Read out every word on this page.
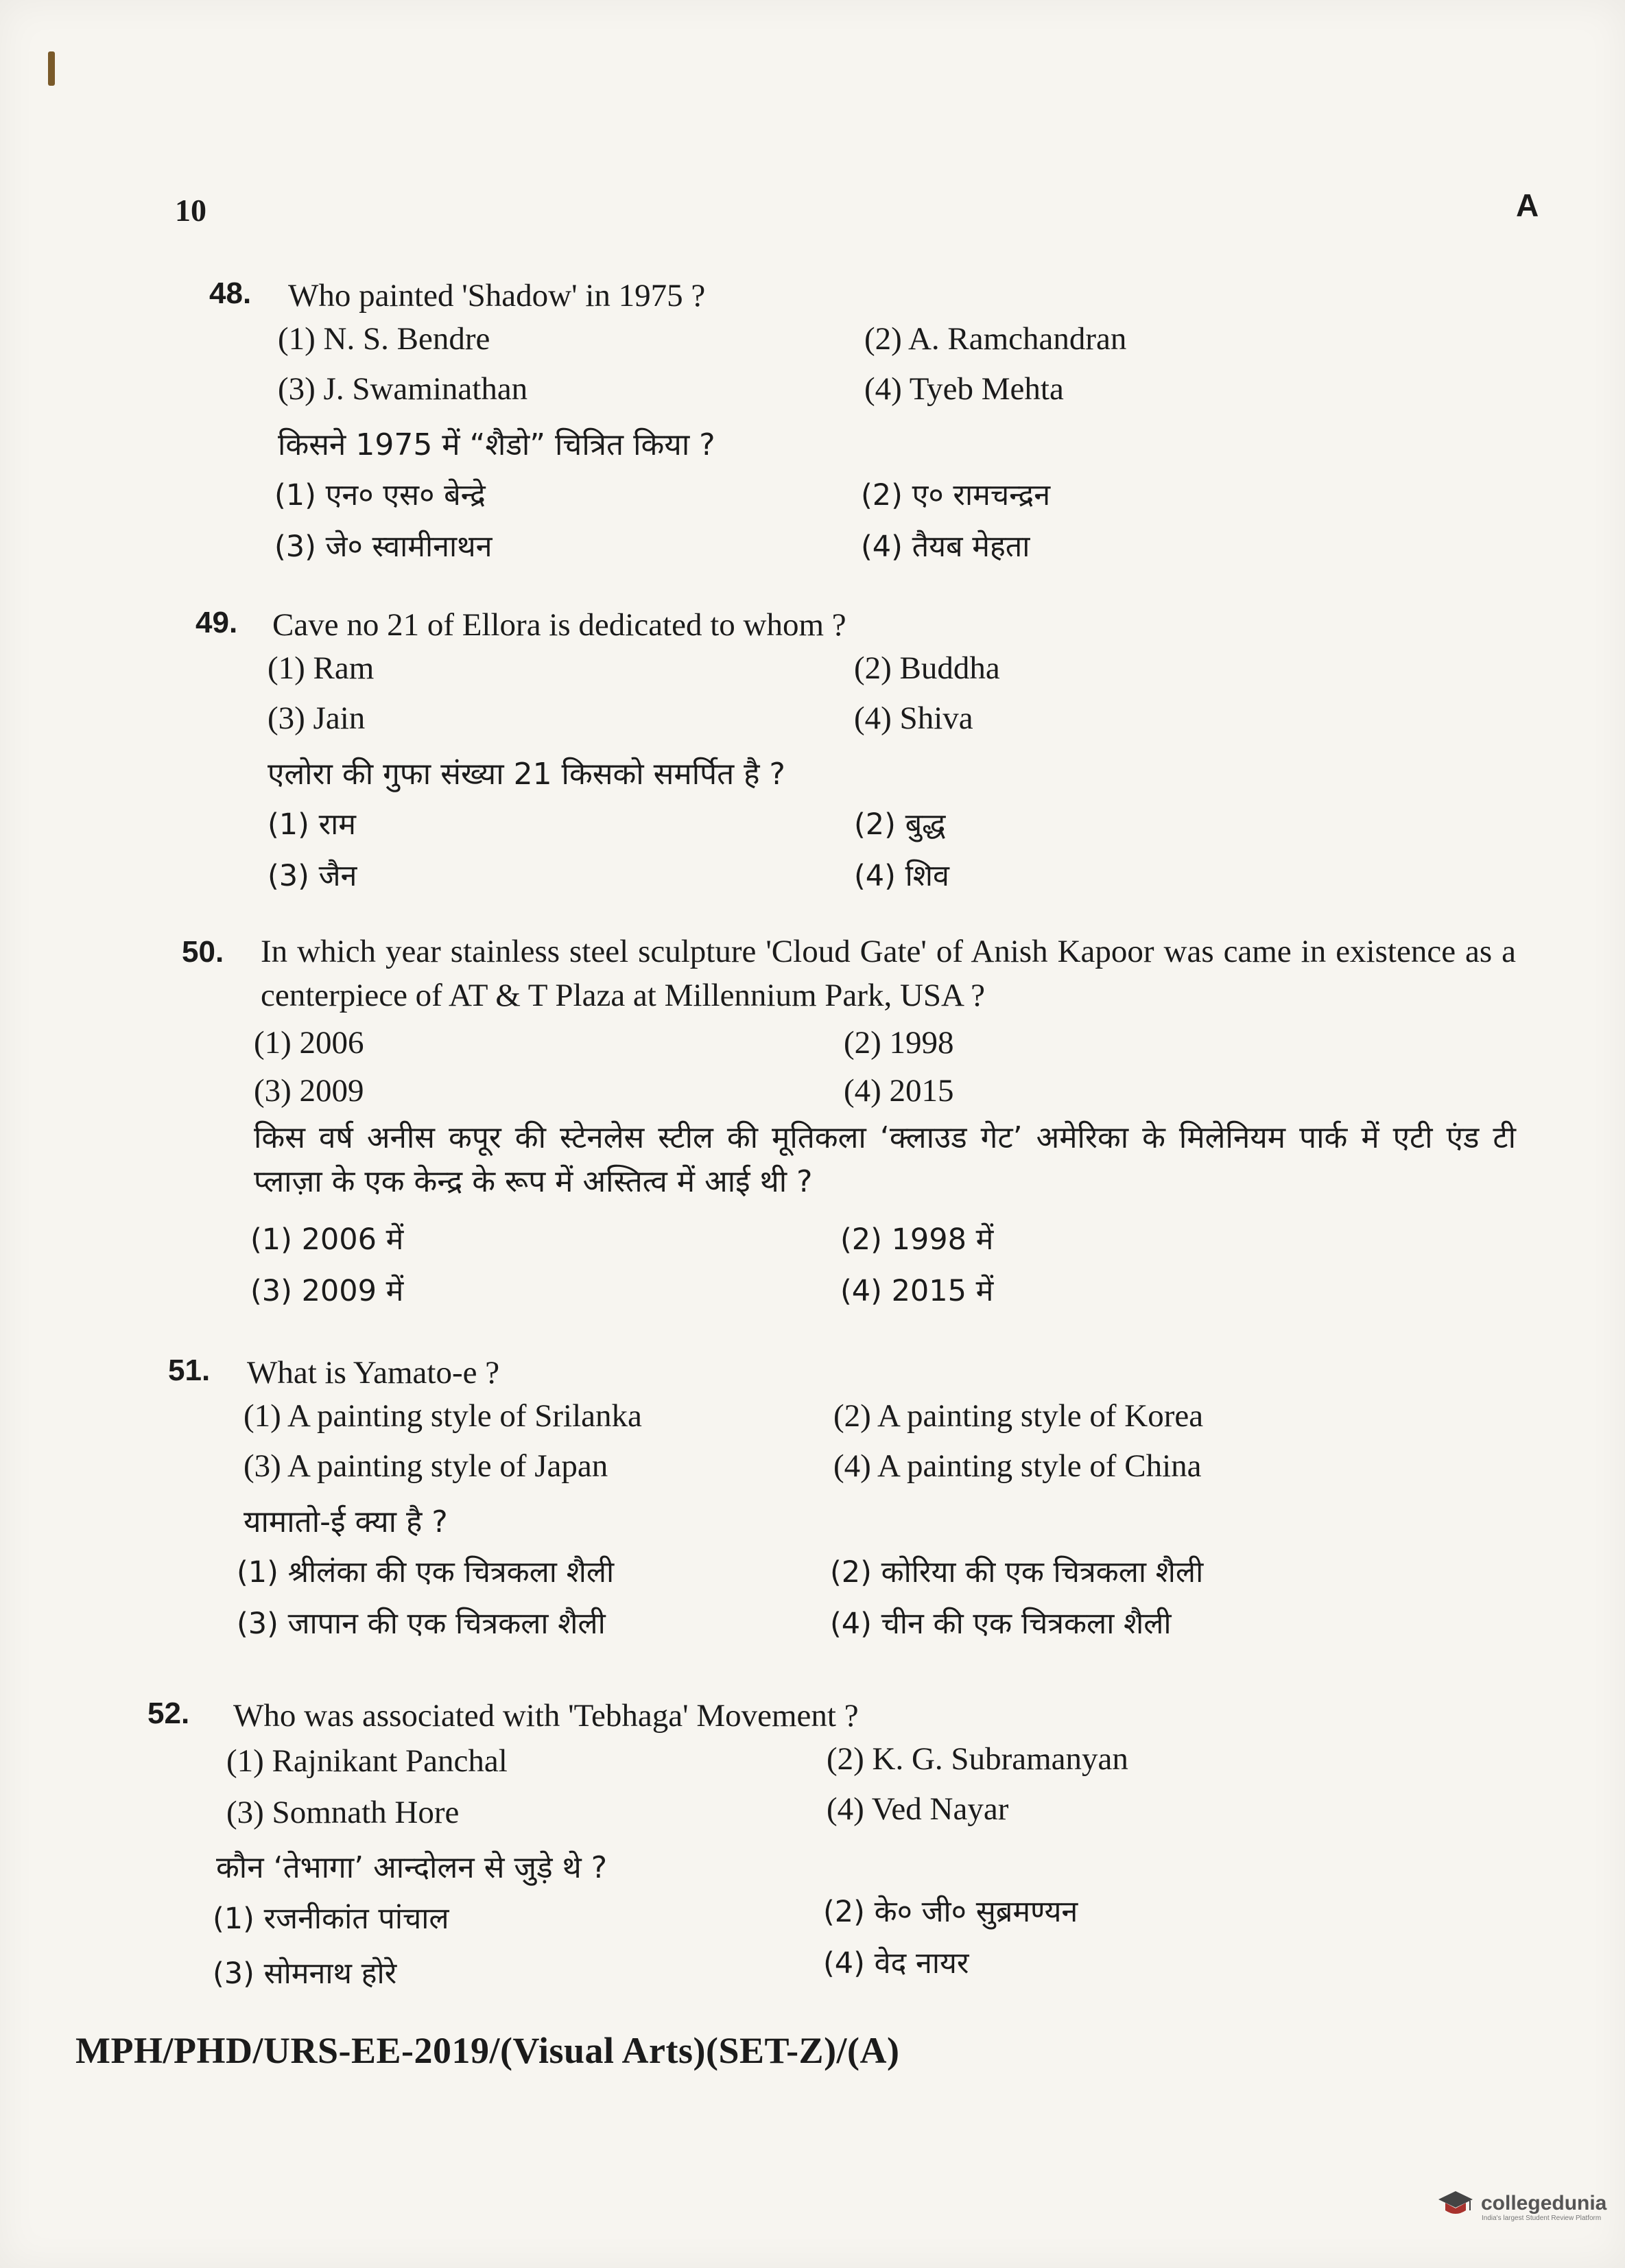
10	A
48. Who painted 'Shadow' in 1975 ?
(1) N. S. Bendre	(2) A. Ramchandran
(3) J. Swaminathan	(4) Tyeb Mehta
किसने 1975 में “शैडो” चित्रित किया ?
(1) एन० एस० बेन्द्रे	(2) ए० रामचन्द्रन
(3) जे० स्वामीनाथन	(4) तैयब मेहता
49. Cave no 21 of Ellora is dedicated to whom ?
(1) Ram	(2) Buddha
(3) Jain	(4) Shiva
एलोरा की गुफा संख्या 21 किसको समर्पित है ?
(1) राम	(2) बुद्ध
(3) जैन	(4) शिव
50. In which year stainless steel sculpture 'Cloud Gate' of Anish Kapoor was came in existence as a centerpiece of AT & T Plaza at Millennium Park, USA ?
(1) 2006	(2) 1998
(3) 2009	(4) 2015
किस वर्ष अनीस कपूर की स्टेनलेस स्टील की मूतिकला ‘क्लाउड गेट’ अमेरिका के मिलेनियम पार्क में एटी एंड टी प्लाज़ा के एक केन्द्र के रूप में अस्तित्व में आई थी ?
(1) 2006 में	(2) 1998 में
(3) 2009 में	(4) 2015 में
51. What is Yamato-e ?
(1) A painting style of Srilanka	(2) A painting style of Korea
(3) A painting style of Japan	(4) A painting style of China
यामातो-ई क्या है ?
(1) श्रीलंका की एक चित्रकला शैली	(2) कोरिया की एक चित्रकला शैली
(3) जापान की एक चित्रकला शैली	(4) चीन की एक चित्रकला शैली
52. Who was associated with 'Tebhaga' Movement ?
(1) Rajnikant Panchal	(2) K. G. Subramanyan
(3) Somnath Hore	(4) Ved Nayar
कौन ‘तेभागा’ आन्दोलन से जुड़े थे ?
(1) रजनीकांत पांचाल	(2) के० जी० सुब्रमण्यन
(3) सोमनाथ होरे	(4) वेद नायर
MPH/PHD/URS-EE-2019/(Visual Arts)(SET-Z)/(A)
collegedunia
India's largest Student Review Platform
